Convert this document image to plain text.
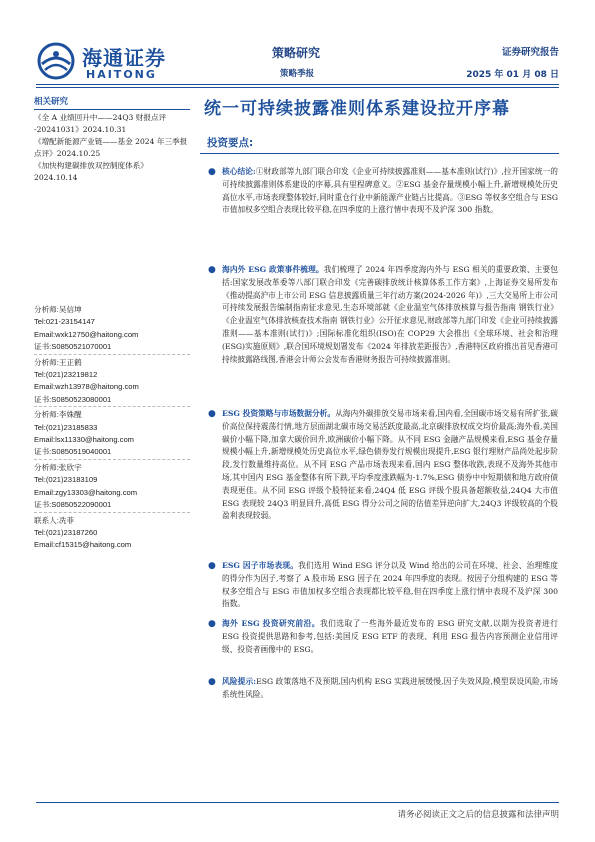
海通证券
HAITONG
策略研究
策略季报
证券研究报告
2025 年 01 月 08 日
统一可持续披露准则体系建设拉开序幕
相关研究
《全 A 业绩回升中——24Q3 财报点评 -20241031》2024.10.31
《增配新能源产业链——基金 2024 年三季报点评》2024.10.25
《加快构建碳排放双控制度体系》 2024.10.14
分析师:吴信坤
Tel:021-23154147
Email:wxk12750@haitong.com
证书:S0850521070001
分析师:王正鹤
Tel:(021)23219812
Email:wzh13978@haitong.com
证书:S0850523080001
分析师:李姝醒
Tel:(021)23185833
Email:lsx11330@haitong.com
证书:S0850519040001
分析师:张欣宇
Tel:(021)23183109
Email:zgy13303@haitong.com
证书:S0850522090001
联系人:冼菲
Tel:(021)23187260
Email:cf15315@haitong.com
投资要点:
● 核心结论:①财政部等九部门联合印发《企业可持续披露准则——基本准则(试行)》,拉开国家统一的可持续披露准则体系建设的序幕,具有里程碑意义。②ESG 基金存量规模小幅上升,新增规模处历史高位水平,市场表现整体较好,同时重仓行业中新能源产业链占比提高。③ESG 等权多空组合与 ESG 市值加权多空组合表现比较平稳,在四季度的上涨行情中表现不及沪深 300 指数。
● 海内外 ESG 政策事件梳理。我们梳理了 2024 年四季度海内外与 ESG 相关的重要政策、主要包括:国家发展改革委等八部门联合印发《完善碳排放统计核算体系工作方案》,上海证券交易所发布《推动提高沪市上市公司 ESG 信息披露质量三年行动方案(2024-2026 年)》,三大交易所上市公司可持续发展报告编制指南征求意见,生态环境部就《企业温室气体排放核算与报告指南 钢铁行业》《企业温室气体排放核查技术指南 钢铁行业》公开征求意见,财政部等九部门印发《企业可持续披露准则——基本准则(试行)》;国际标准化组织(ISO)在 COP29 大会推出《全球环境、社会和治理(ESG)实施原则》,联合国环境规划署发布《2024 年排放差距报告》,香港特区政府推出首见香港可持续披露路线图,香港会计师公会发布香港财务报告可持续披露准则。
● ESG 投资策略与市场数据分析。从海内外碳排放交易市场来看,国内看,全国碳市场交易有所扩张,碳价高位保持震荡行情,地方层面湖北碳市场交易活跃度最高,北京碳排放权成交均价最高;海外看,美国碳价小幅下降,加拿大碳价回升,欧洲碳价小幅下降。从不同 ESG 金融产品规模来看,ESG 基金存量规模小幅上升,新增规模处历史高位水平,绿色债券发行规模出现提升,ESG 银行理财产品尚处起步阶段,发行数量维持高位。从不同 ESG 产品市场表现来看,国内 ESG 整体收跌,表现不及海外其他市场,其中国内 ESG 基金整体有所下跌,平均季度涨跌幅为-1.7%,ESG 债券中中短期债和地方政府债表现更佳。从不同 ESG 评级个股特征来看,24Q4 低 ESG 评级个股具备超额收益,24Q4 大市值 ESG 表现较 24Q3 明显回升,高低 ESG 得分公司之间的估值差异逆向扩大,24Q3 评级较高的个股盈利表现较弱。
● ESG 因子市场表现。我们选用 Wind ESG 评分以及 Wind 给出的公司在环境、社会、治理维度的得分作为因子,考察了 A 股市场 ESG 因子在 2024 年四季度的表现。按因子分组构建的 ESG 等权多空组合与 ESG 市值加权多空组合表现都比较平稳,但在四季度上涨行情中表现不及沪深 300 指数。
● 海外 ESG 投资研究前沿。我们选取了一些海外最近发布的 ESG 研究文献,以期为投资者进行 ESG 投资提供思路和参考,包括:美国反 ESG ETF 的表现、利用 ESG 报告内容预测企业信用评级、投资者画像中的 ESG。
● 风险提示:ESG 政策落地不及预期,国内机构 ESG 实践进展缓慢,因子失效风险,模型误设风险,市场系统性风险。
请务必阅读正文之后的信息披露和法律声明
